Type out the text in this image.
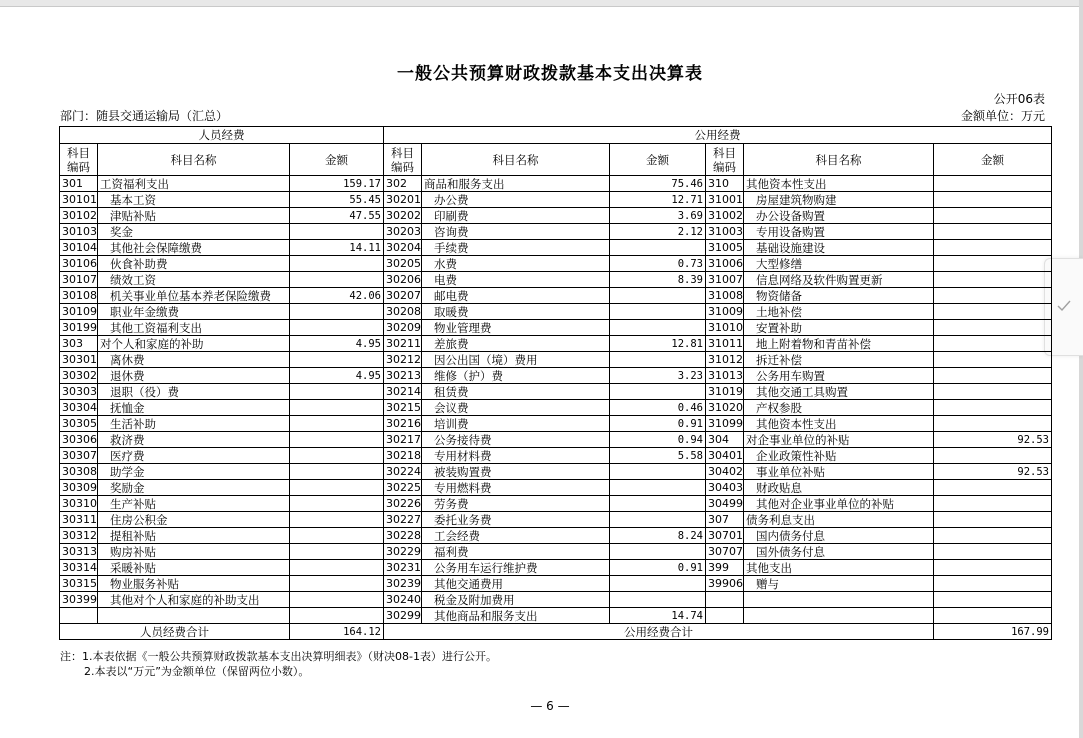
一般公共预算财政拨款基本支出决算表
公开06表
部门：随县交通运输局（汇总）	金额单位：万元
人员经费			公用经费					
科目编码	科目名称	金额	科目编码	科目名称	金额	科目编码	科目名称	金额
301	工资福利支出	159.17	302	商品和服务支出	75.46	310	其他资本性支出	
30101	基本工资	55.45	30201	办公费	12.71	31001	房屋建筑物购建	
30102	津贴补贴	47.55	30202	印刷费	3.69	31002	办公设备购置	
30103	奖金		30203	咨询费	2.12	31003	专用设备购置	
30104	其他社会保障缴费	14.11	30204	手续费		31005	基础设施建设	
30106	伙食补助费		30205	水费	0.73	31006	大型修缮	
30107	绩效工资		30206	电费	8.39	31007	信息网络及软件购置更新	
30108	机关事业单位基本养老保险缴费	42.06	30207	邮电费		31008	物资储备	
30109	职业年金缴费		30208	取暖费		31009	土地补偿	
30199	其他工资福利支出		30209	物业管理费		31010	安置补助	
303	对个人和家庭的补助	4.95	30211	差旅费	12.81	31011	地上附着物和青苗补偿	
30301	离休费		30212	因公出国（境）费用		31012	拆迁补偿	
30302	退休费	4.95	30213	维修（护）费	3.23	31013	公务用车购置	
30303	退职（役）费		30214	租赁费		31019	其他交通工具购置	
30304	抚恤金		30215	会议费	0.46	31020	产权参股	
30305	生活补助		30216	培训费	0.91	31099	其他资本性支出	
30306	救济费		30217	公务接待费	0.94	304	对企事业单位的补贴	92.53
30307	医疗费		30218	专用材料费	5.58	30401	企业政策性补贴	
30308	助学金		30224	被装购置费		30402	事业单位补贴	92.53
30309	奖励金		30225	专用燃料费		30403	财政贴息	
30310	生产补贴		30226	劳务费		30499	其他对企业事业单位的补贴	
30311	住房公积金		30227	委托业务费		307	债务利息支出	
30312	提租补贴		30228	工会经费	8.24	30701	国内债务付息	
30313	购房补贴		30229	福利费		30707	国外债务付息	
30314	采暖补贴		30231	公务用车运行维护费	0.91	399	其他支出	
30315	物业服务补贴		30239	其他交通费用		39906	赠与	
30399	其他对个人和家庭的补助支出		30240	税金及附加费用				
			30299	其他商品和服务支出	14.74			
人员经费合计		164.12	公用经费合计					167.99
注：1.本表依据《一般公共预算财政拨款基本支出决算明细表》（财决08-1表）进行公开。
2.本表以“万元”为金额单位（保留两位小数）。
— 6 —
